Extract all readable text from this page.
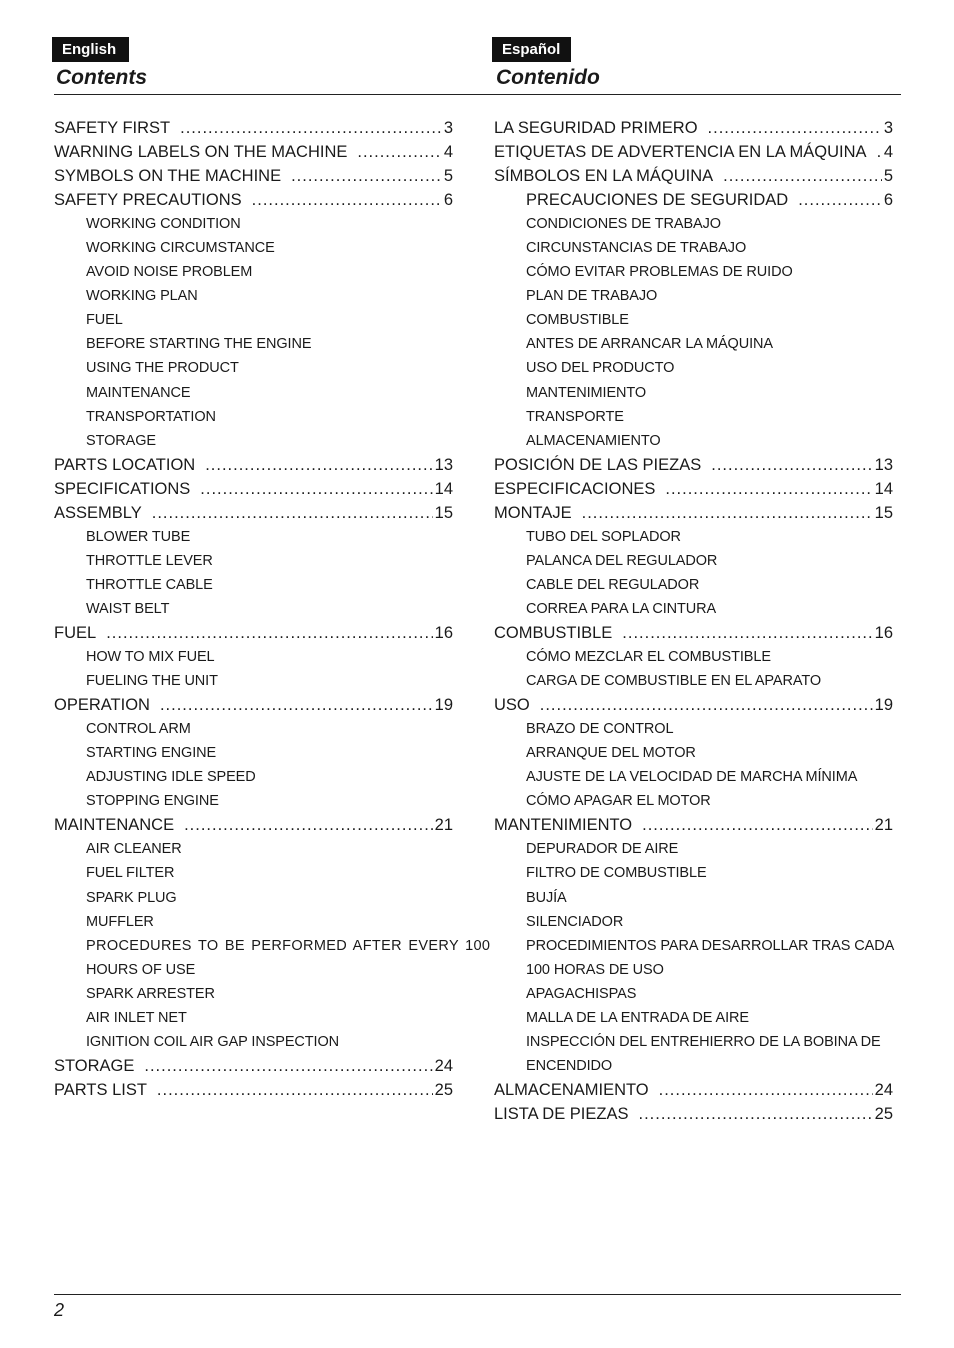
English
Contents
SAFETY FIRST .....	3
WARNING LABELS ON THE MACHINE .....	4
SYMBOLS ON THE MACHINE .....	5
SAFETY PRECAUTIONS .....	6
WORKING CONDITION
WORKING CIRCUMSTANCE
AVOID NOISE PROBLEM
WORKING PLAN
FUEL
BEFORE STARTING THE ENGINE
USING THE PRODUCT
MAINTENANCE
TRANSPORTATION
STORAGE
PARTS LOCATION .....	13
SPECIFICATIONS .....	14
ASSEMBLY .....	15
BLOWER TUBE
THROTTLE LEVER
THROTTLE CABLE
WAIST BELT
FUEL .....	16
HOW TO MIX FUEL
FUELING THE UNIT
OPERATION .....	19
CONTROL ARM
STARTING ENGINE
ADJUSTING IDLE SPEED
STOPPING ENGINE
MAINTENANCE .....	21
AIR CLEANER
FUEL FILTER
SPARK PLUG
MUFFLER
PROCEDURES TO BE PERFORMED AFTER EVERY 100
HOURS OF USE
SPARK ARRESTER
AIR INLET NET
IGNITION COIL AIR GAP INSPECTION
STORAGE .....	24
PARTS LIST .....	25
Español
Contenido
LA SEGURIDAD PRIMERO .....	3
ETIQUETAS DE ADVERTENCIA EN LA MÁQUINA ..... 4
SÍMBOLOS EN LA MÁQUINA .....	5
PRECAUCIONES DE SEGURIDAD .....	6
CONDICIONES DE TRABAJO
CIRCUNSTANCIAS DE TRABAJO
CÓMO EVITAR PROBLEMAS DE RUIDO
PLAN DE TRABAJO
COMBUSTIBLE
ANTES DE ARRANCAR LA MÁQUINA
USO DEL PRODUCTO
MANTENIMIENTO
TRANSPORTE
ALMACENAMIENTO
POSICIÓN DE LAS PIEZAS .....	13
ESPECIFICACIONES .....	14
MONTAJE .....	15
TUBO DEL SOPLADOR
PALANCA DEL REGULADOR
CABLE DEL REGULADOR
CORREA PARA LA CINTURA
COMBUSTIBLE .....	16
CÓMO MEZCLAR EL COMBUSTIBLE
CARGA DE COMBUSTIBLE EN EL APARATO
USO .....	19
BRAZO DE CONTROL
ARRANQUE DEL MOTOR
AJUSTE DE LA VELOCIDAD DE MARCHA MÍNIMA
CÓMO APAGAR EL MOTOR
MANTENIMIENTO .....	21
DEPURADOR DE AIRE
FILTRO DE COMBUSTIBLE
BUJÍA
SILENCIADOR
PROCEDIMIENTOS PARA DESARROLLAR TRAS CADA
100 HORAS DE USO
APAGACHISPAS
MALLA DE LA ENTRADA DE AIRE
INSPECCIÓN DEL ENTREHIERRO DE LA BOBINA DE
ENCENDIDO
ALMACENAMIENTO .....	24
LISTA DE PIEZAS .....	25

2
